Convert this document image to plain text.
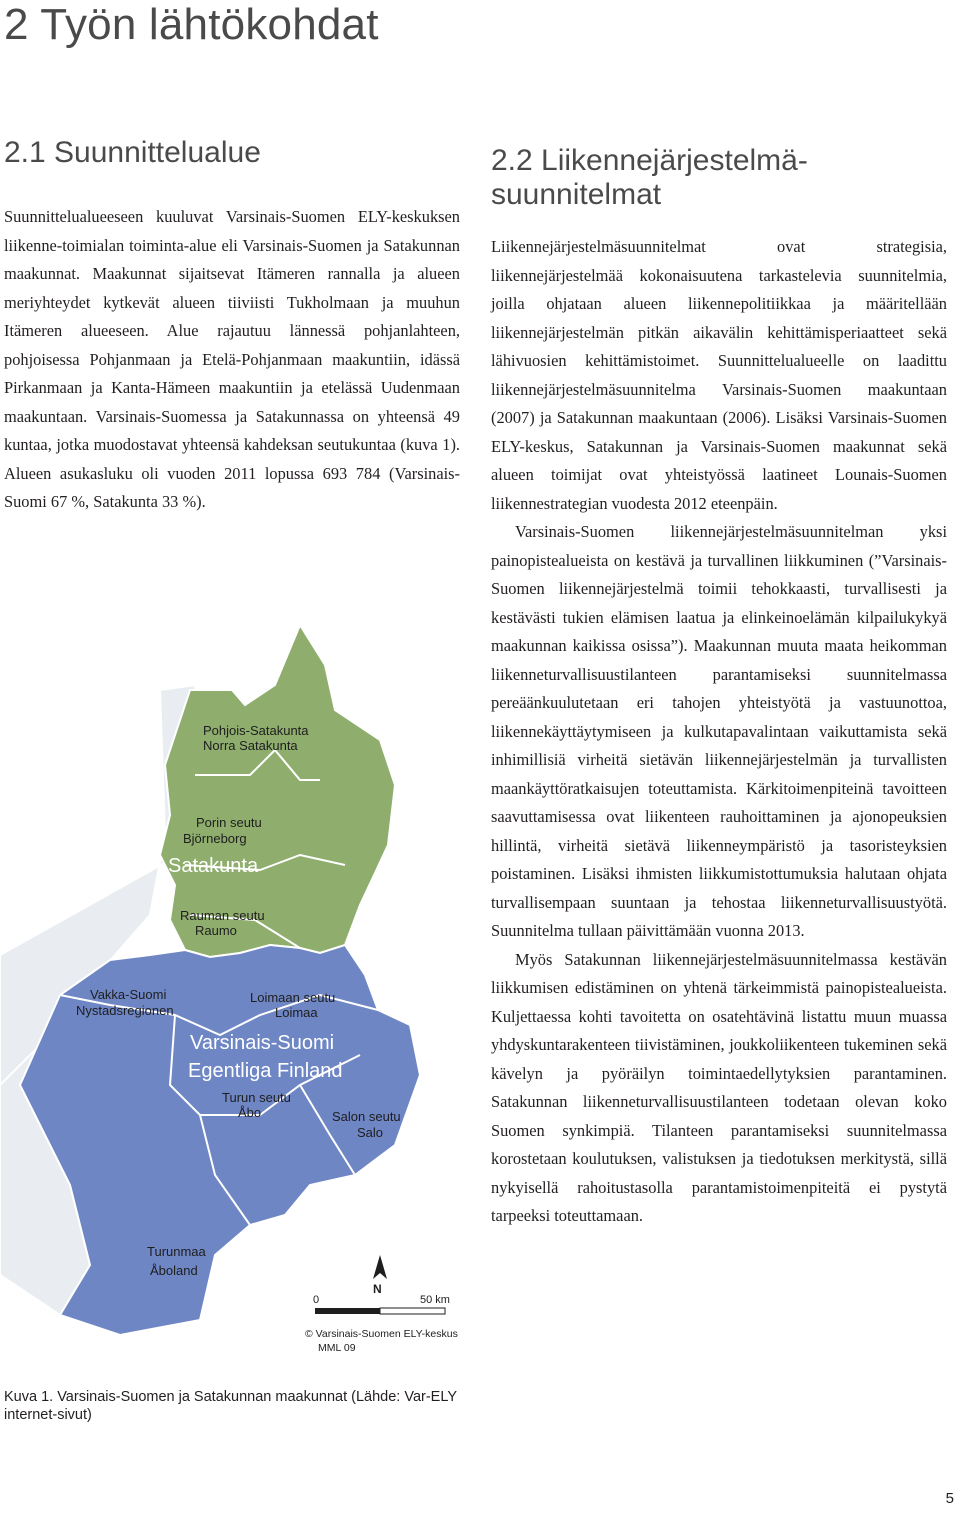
2 Työn lähtökohdat
2.1 Suunnittelualue

Suunnittelualueeseen kuuluvat Varsinais-Suomen ELY-keskuksen liikenne-toimialan toiminta-alue eli Varsinais-Suomen ja Satakunnan maakunnat. Maakunnat sijaitsevat Itämeren rannalla ja alueen meriyhteydet kytkevät alueen tiiviisti Tukholmaan ja muuhun Itämeren alueeseen. Alue rajautuu lännessä pohjanlahteen, pohjoisessa Pohjanmaan ja Etelä-Pohjanmaan maakuntiin, idässä Pirkanmaan ja Kanta-Hämeen maakuntiin ja etelässä Uudenmaan maakuntaan. Varsinais-Suomessa ja Satakunnassa on yhteensä 49 kuntaa, jotka muodostavat yhteensä kahdeksan seutukuntaa (kuva 1). Alueen asukasluku oli vuoden 2011 lopussa 693 784 (Varsinais-Suomi 67 %, Satakunta 33 %).

2.2 Liikennejärjestelmä-suunnitelmat

Liikennejärjestelmäsuunnitelmat ovat strategisia, liikennejärjestelmää kokonaisuutena tarkastelevia suunnitelmia, joilla ohjataan alueen liikennepolitiikkaa ja määritellään liikennejärjestelmän pitkän aikavälin kehittämisperiaatteet sekä lähivuosien kehittämistoimet. Suunnittelualueelle on laadittu liikennejärjestelmäsuunnitelma Varsinais-Suomen maakuntaan (2007) ja Satakunnan maakuntaan (2006). Lisäksi Varsinais-Suomen ELY-keskus, Satakunnan ja Varsinais-Suomen maakunnat sekä alueen toimijat ovat yhteistyössä laatineet Lounais-Suomen liikennestrategian vuodesta 2012 eteenpäin.

Varsinais-Suomen liikennejärjestelmäsuunnitelman yksi painopistealueista on kestävä ja turvallinen liikkuminen (”Varsinais-Suomen liikennejärjestelmä toimii tehokkaasti, turvallisesti ja kestävästi tukien elämisen laatua ja elinkeinoelämän kilpailukykyä maakunnan kaikissa osissa”). Maakunnan muuta maata heikomman liikenneturvallisuustilanteen parantamiseksi suunnitelmassa pereäänkuulutetaan eri tahojen yhteistyötä ja vastuunottoa, liikennekäyttäytymiseen ja kulkutapavalintaan vaikuttamista sekä inhimillisiä virheitä sietävän liikennejärjestelmän ja turvallisten maankäyttöratkaisujen toteuttamista. Kärkitoimenpiteinä tavoitteen saavuttamisessa ovat liikenteen rauhoittaminen ja ajonopeuksien hillintä, virheitä sietävä liikenneympäristö ja tasoristeyksien poistaminen. Lisäksi ihmisten liikkumistottumuksia halutaan ohjata turvallisempaan suuntaan ja tehostaa liikenneturvallisuustyötä. Suunnitelma tullaan päivittämään vuonna 2013.

Myös Satakunnan liikennejärjestelmäsuunnitelmassa kestävän liikkumisen edistäminen on yhtenä tärkeimmistä painopistealueista. Kuljettaessa kohti tavoitetta on osatehtävinä listattu muun muassa yhdyskuntarakenteen tiivistäminen, joukkoliikenteen tukeminen sekä kävelyn ja pyöräilyn toimintaedellytyksien parantaminen. Satakunnan liikenneturvallisuustilanteen todetaan olevan koko Suomen synkimpiä. Tilanteen parantamiseksi suunnitelmassa korostetaan koulutuksen, valistuksen ja tiedotuksen merkitystä, sillä nykyisellä rahoitustasolla parantamistoimenpiteitä ei pystytä tarpeeksi toteuttamaan.

Pohjois-Satakunta
Norra Satakunta
Porin seutu
Björneborg
Satakunta
Rauman seutu
Raumo
Vakka-Suomi
Nystadsregionen
Loimaan seutu
Loimaa
Varsinais-Suomi
Egentliga Finland
Turun seutu
Åbo	Salon seutu
Salo
Turunmaa
Åboland
N
0	50 km
© Varsinais-Suomen ELY-keskus
MML 09
Kuva 1. Varsinais-Suomen ja Satakunnan maakunnat (Lähde: Var-ELY internet-sivut)
5
